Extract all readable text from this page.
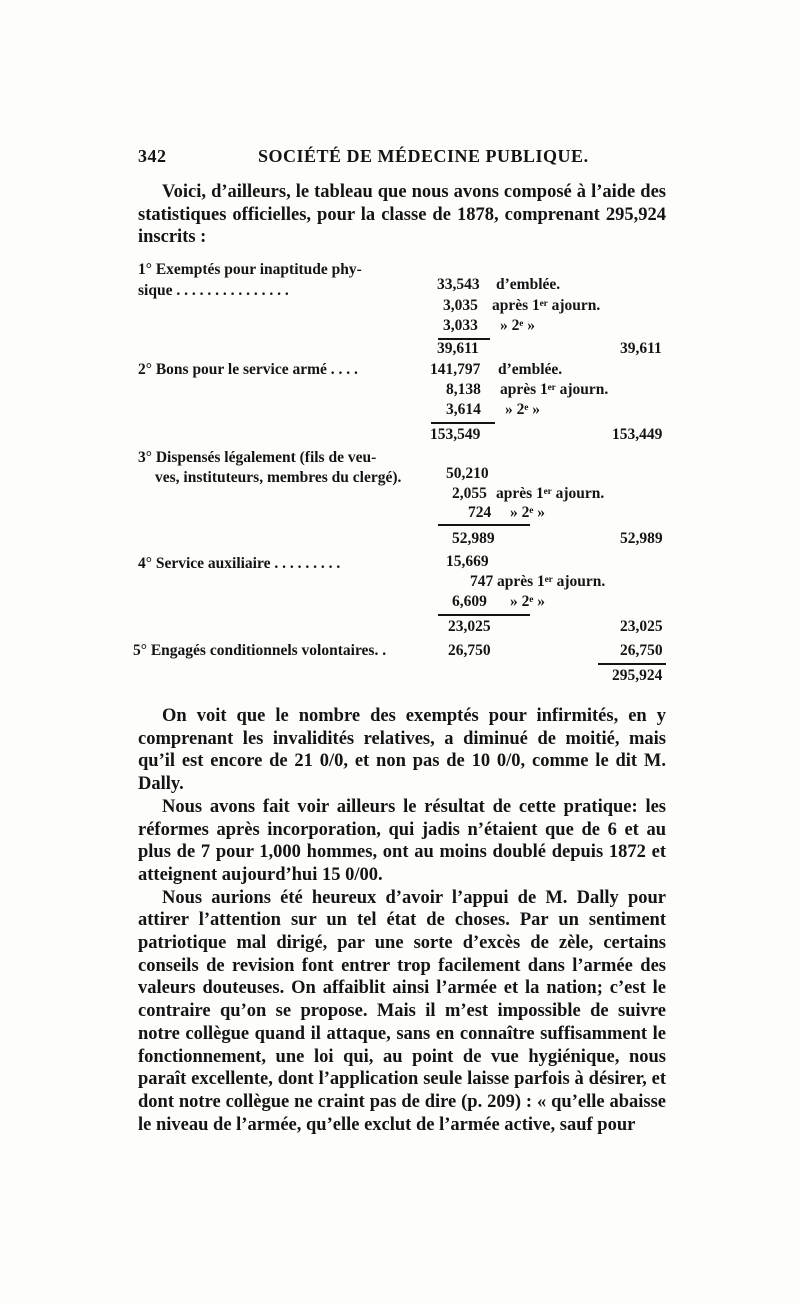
342	SOCIÉTÉ DE MÉDECINE PUBLIQUE.

Voici, d’ailleurs, le tableau que nous avons composé à l’aide des statistiques officielles, pour la classe de 1878, comprenant 295,924 inscrits :

1° Exemptés pour inaptitude phy-
sique . . . . . . . . . . . . . . .	33,543 d’emblée.
3,035 après 1ᵉʳ ajourn.
3,033 » 2ᵉ »
39,611	39,611
2° Bons pour le service armé . . . .	141,797 d’emblée.
8,138 après 1ᵉʳ ajourn.
3,614 » 2ᵉ »
153,549	153,449
3° Dispensés légalement (fils de veu-
ves, instituteurs, membres du clergé).	50,210
2,055 après 1ᵉʳ ajourn.
724 » 2ᵉ »
52,989	52,989
4° Service auxiliaire . . . . . . . . .	15,669
747 après 1ᵉʳ ajourn.
6,609 » 2ᵉ »
23,025	23,025
5° Engagés conditionnels volontaires. .	26,750	26,750
295,924

On voit que le nombre des exemptés pour infirmités, en y comprenant les invalidités relatives, a diminué de moitié, mais qu’il est encore de 21 0/0, et non pas de 10 0/0, comme le dit M. Dally.

Nous avons fait voir ailleurs le résultat de cette pratique: les réformes après incorporation, qui jadis n’étaient que de 6 et au plus de 7 pour 1,000 hommes, ont au moins doublé depuis 1872 et atteignent aujourd’hui 15 0/00.

Nous aurions été heureux d’avoir l’appui de M. Dally pour attirer l’attention sur un tel état de choses. Par un sentiment patriotique mal dirigé, par une sorte d’excès de zèle, certains conseils de revision font entrer trop facilement dans l’armée des valeurs douteuses. On affaiblit ainsi l’armée et la nation; c’est le contraire qu’on se propose. Mais il m’est impossible de suivre notre collègue quand il attaque, sans en connaître suffisamment le fonctionnement, une loi qui, au point de vue hygiénique, nous paraît excellente, dont l’application seule laisse parfois à désirer, et dont notre collègue ne craint pas de dire (p. 209) : « qu’elle abaisse le niveau de l’armée, qu’elle exclut de l’armée active, sauf pour
